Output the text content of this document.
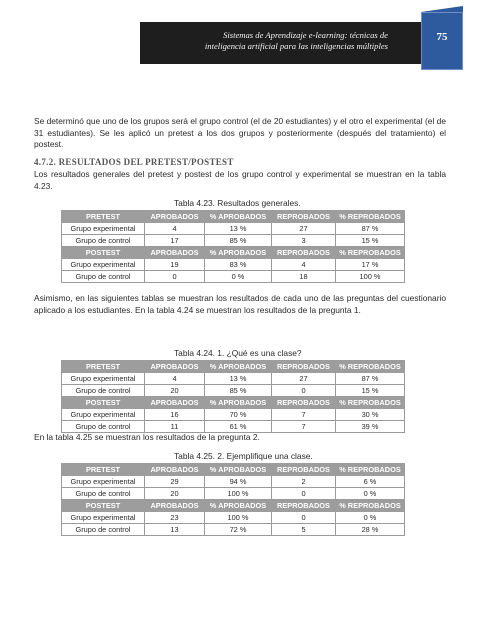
Sistemas de Aprendizaje e-learning: técnicas de
inteligencia artificial para las inteligencias múltiples
75
Se determinó que uno de los grupos será el grupo control (el de 20 estudiantes) y el otro el experimental (el de 31 estudiantes). Se les aplicó un pretest a los dos grupos y posteriormente (después del tratamiento) el postest.
4.7.2. RESULTADOS DEL PRETEST/POSTEST
Los resultados generales del pretest y postest de los grupo control y experimental se muestran en la tabla 4.23.
Tabla 4.23. Resultados generales.
PRETEST	APROBADOS	% APROBADOS	REPROBADOS	% REPROBADOS
Grupo experimental	4	13 %	27	87 %
Grupo de control	17	85 %	3	15 %
POSTEST	APROBADOS	% APROBADOS	REPROBADOS	% REPROBADOS
Grupo experimental	19	83 %	4	17 %
Grupo de control	0	0 %	18	100 %
Asimismo, en las siguientes tablas se muestran los resultados de cada uno de las preguntas del cuestionario aplicado a los estudiantes. En la tabla 4.24 se muestran los resultados de la pregunta 1.
Tabla 4.24. 1. ¿Qué es una clase?
PRETEST	APROBADOS	% APROBADOS	REPROBADOS	% REPROBADOS
Grupo experimental	4	13 %	27	87 %
Grupo de control	20	85 %	0	15 %
POSTEST	APROBADOS	% APROBADOS	REPROBADOS	% REPROBADOS
Grupo experimental	16	70 %	7	30 %
Grupo de control	11	61 %	7	39 %
En la tabla 4.25 se muestran los resultados de la pregunta 2.
Tabla 4.25. 2. Ejemplifique una clase.
PRETEST	APROBADOS	% APROBADOS	REPROBADOS	% REPROBADOS
Grupo experimental	29	94 %	2	6 %
Grupo de control	20	100 %	0	0 %
POSTEST	APROBADOS	% APROBADOS	REPROBADOS	% REPROBADOS
Grupo experimental	23	100 %	0	0 %
Grupo de control	13	72 %	5	28 %
